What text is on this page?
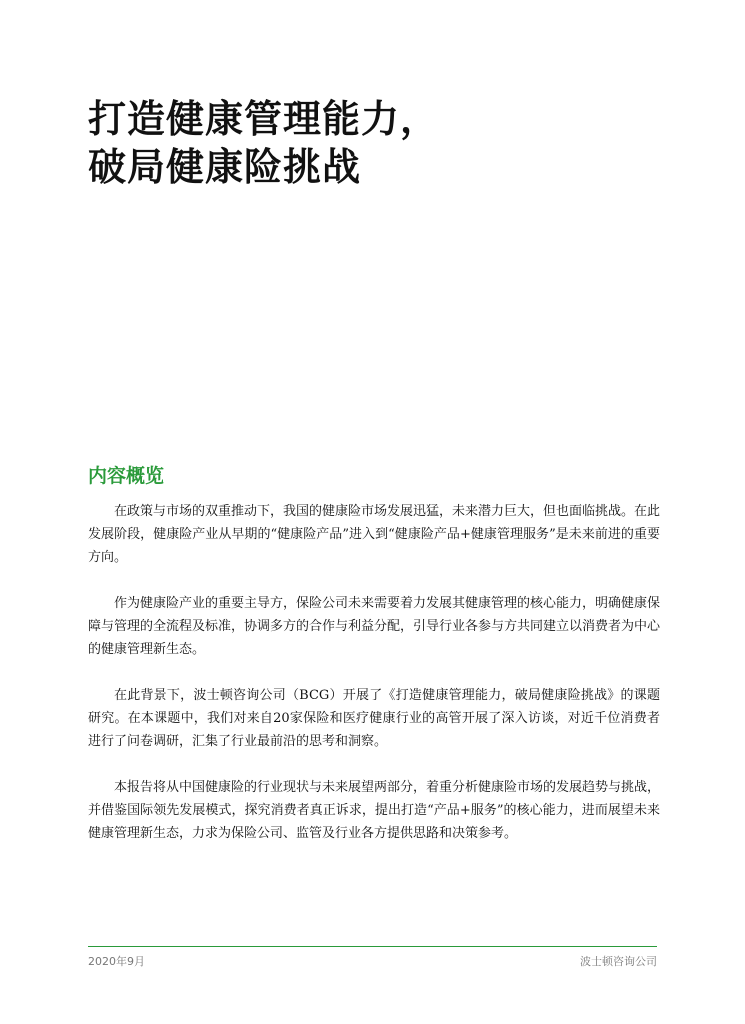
打造健康管理能力，
破局健康险挑战
内容概览

在政策与市场的双重推动下，我国的健康险市场发展迅猛，未来潜力巨大，但也面临挑战。在此发展阶段，健康险产业从早期的“健康险产品”进入到“健康险产品+健康管理服务”是未来前进的重要方向。

作为健康险产业的重要主导方，保险公司未来需要着力发展其健康管理的核心能力，明确健康保障与管理的全流程及标准，协调多方的合作与利益分配，引导行业各参与方共同建立以消费者为中心的健康管理新生态。

在此背景下，波士顿咨询公司（BCG）开展了《打造健康管理能力，破局健康险挑战》的课题研究。在本课题中，我们对来自20家保险和医疗健康行业的高管开展了深入访谈，对近千位消费者进行了问卷调研，汇集了行业最前沿的思考和洞察。

本报告将从中国健康险的行业现状与未来展望两部分，着重分析健康险市场的发展趋势与挑战，并借鉴国际领先发展模式，探究消费者真正诉求，提出打造“产品+服务”的核心能力，进而展望未来健康管理新生态，力求为保险公司、监管及行业各方提供思路和决策参考。

2020年9月	波士顿咨询公司
